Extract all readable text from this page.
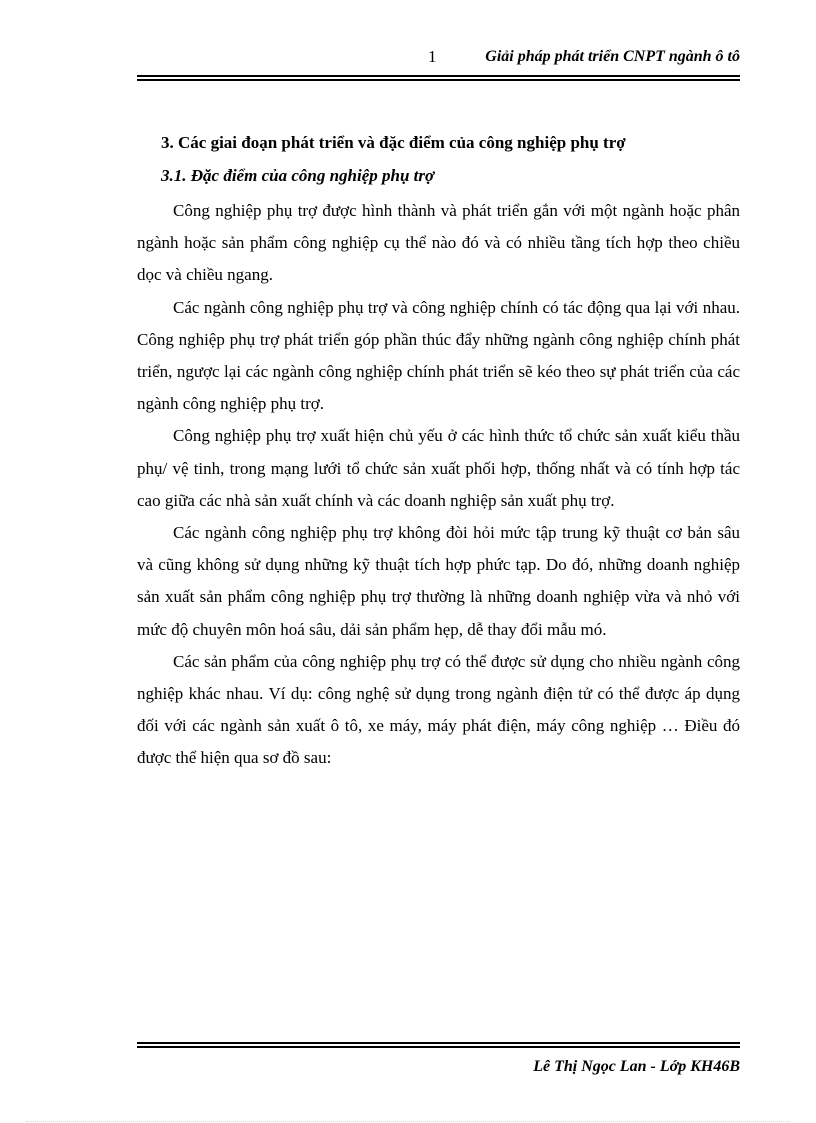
1	Giải pháp phát triển CNPT ngành ô tô
3. Các giai đoạn phát triển và đặc điểm của công nghiệp phụ trợ
3.1. Đặc điểm của công nghiệp phụ trợ

Công nghiệp phụ trợ được hình thành và phát triển gắn với một ngành hoặc phân ngành hoặc sản phẩm công nghiệp cụ thể nào đó và có nhiều tầng tích hợp theo chiều dọc và chiều ngang.

Các ngành công nghiệp phụ trợ và công nghiệp chính có tác động qua lại với nhau. Công nghiệp phụ trợ phát triển góp phần thúc đẩy những ngành công nghiệp chính phát triển, ngược lại các ngành công nghiệp chính phát triển sẽ kéo theo sự phát triển của các ngành công nghiệp phụ trợ.

Công nghiệp phụ trợ xuất hiện chủ yếu ở các hình thức tổ chức sản xuất kiểu thầu phụ/ vệ tinh, trong mạng lưới tổ chức sản xuất phối hợp, thống nhất và có tính hợp tác cao giữa các nhà sản xuất chính và các doanh nghiệp sản xuất phụ trợ.

Các ngành công nghiệp phụ trợ không đòi hỏi mức tập trung kỹ thuật cơ bản sâu và cũng không sử dụng những kỹ thuật tích hợp phức tạp. Do đó, những doanh nghiệp sản xuất sản phẩm công nghiệp phụ trợ thường là những doanh nghiệp vừa và nhỏ với mức độ chuyên môn hoá sâu, dải sản phẩm hẹp, dễ thay đổi mẫu mó.

Các sản phẩm của công nghiệp phụ trợ có thể được sử dụng cho nhiều ngành công nghiệp khác nhau. Ví dụ: công nghệ sử dụng trong ngành điện tử có thể được áp dụng đối với các ngành sản xuất ô tô, xe máy, máy phát điện, máy công nghiệp … Điều đó được thể hiện qua sơ đồ sau:

Lê Thị Ngọc Lan - Lớp KH46B
